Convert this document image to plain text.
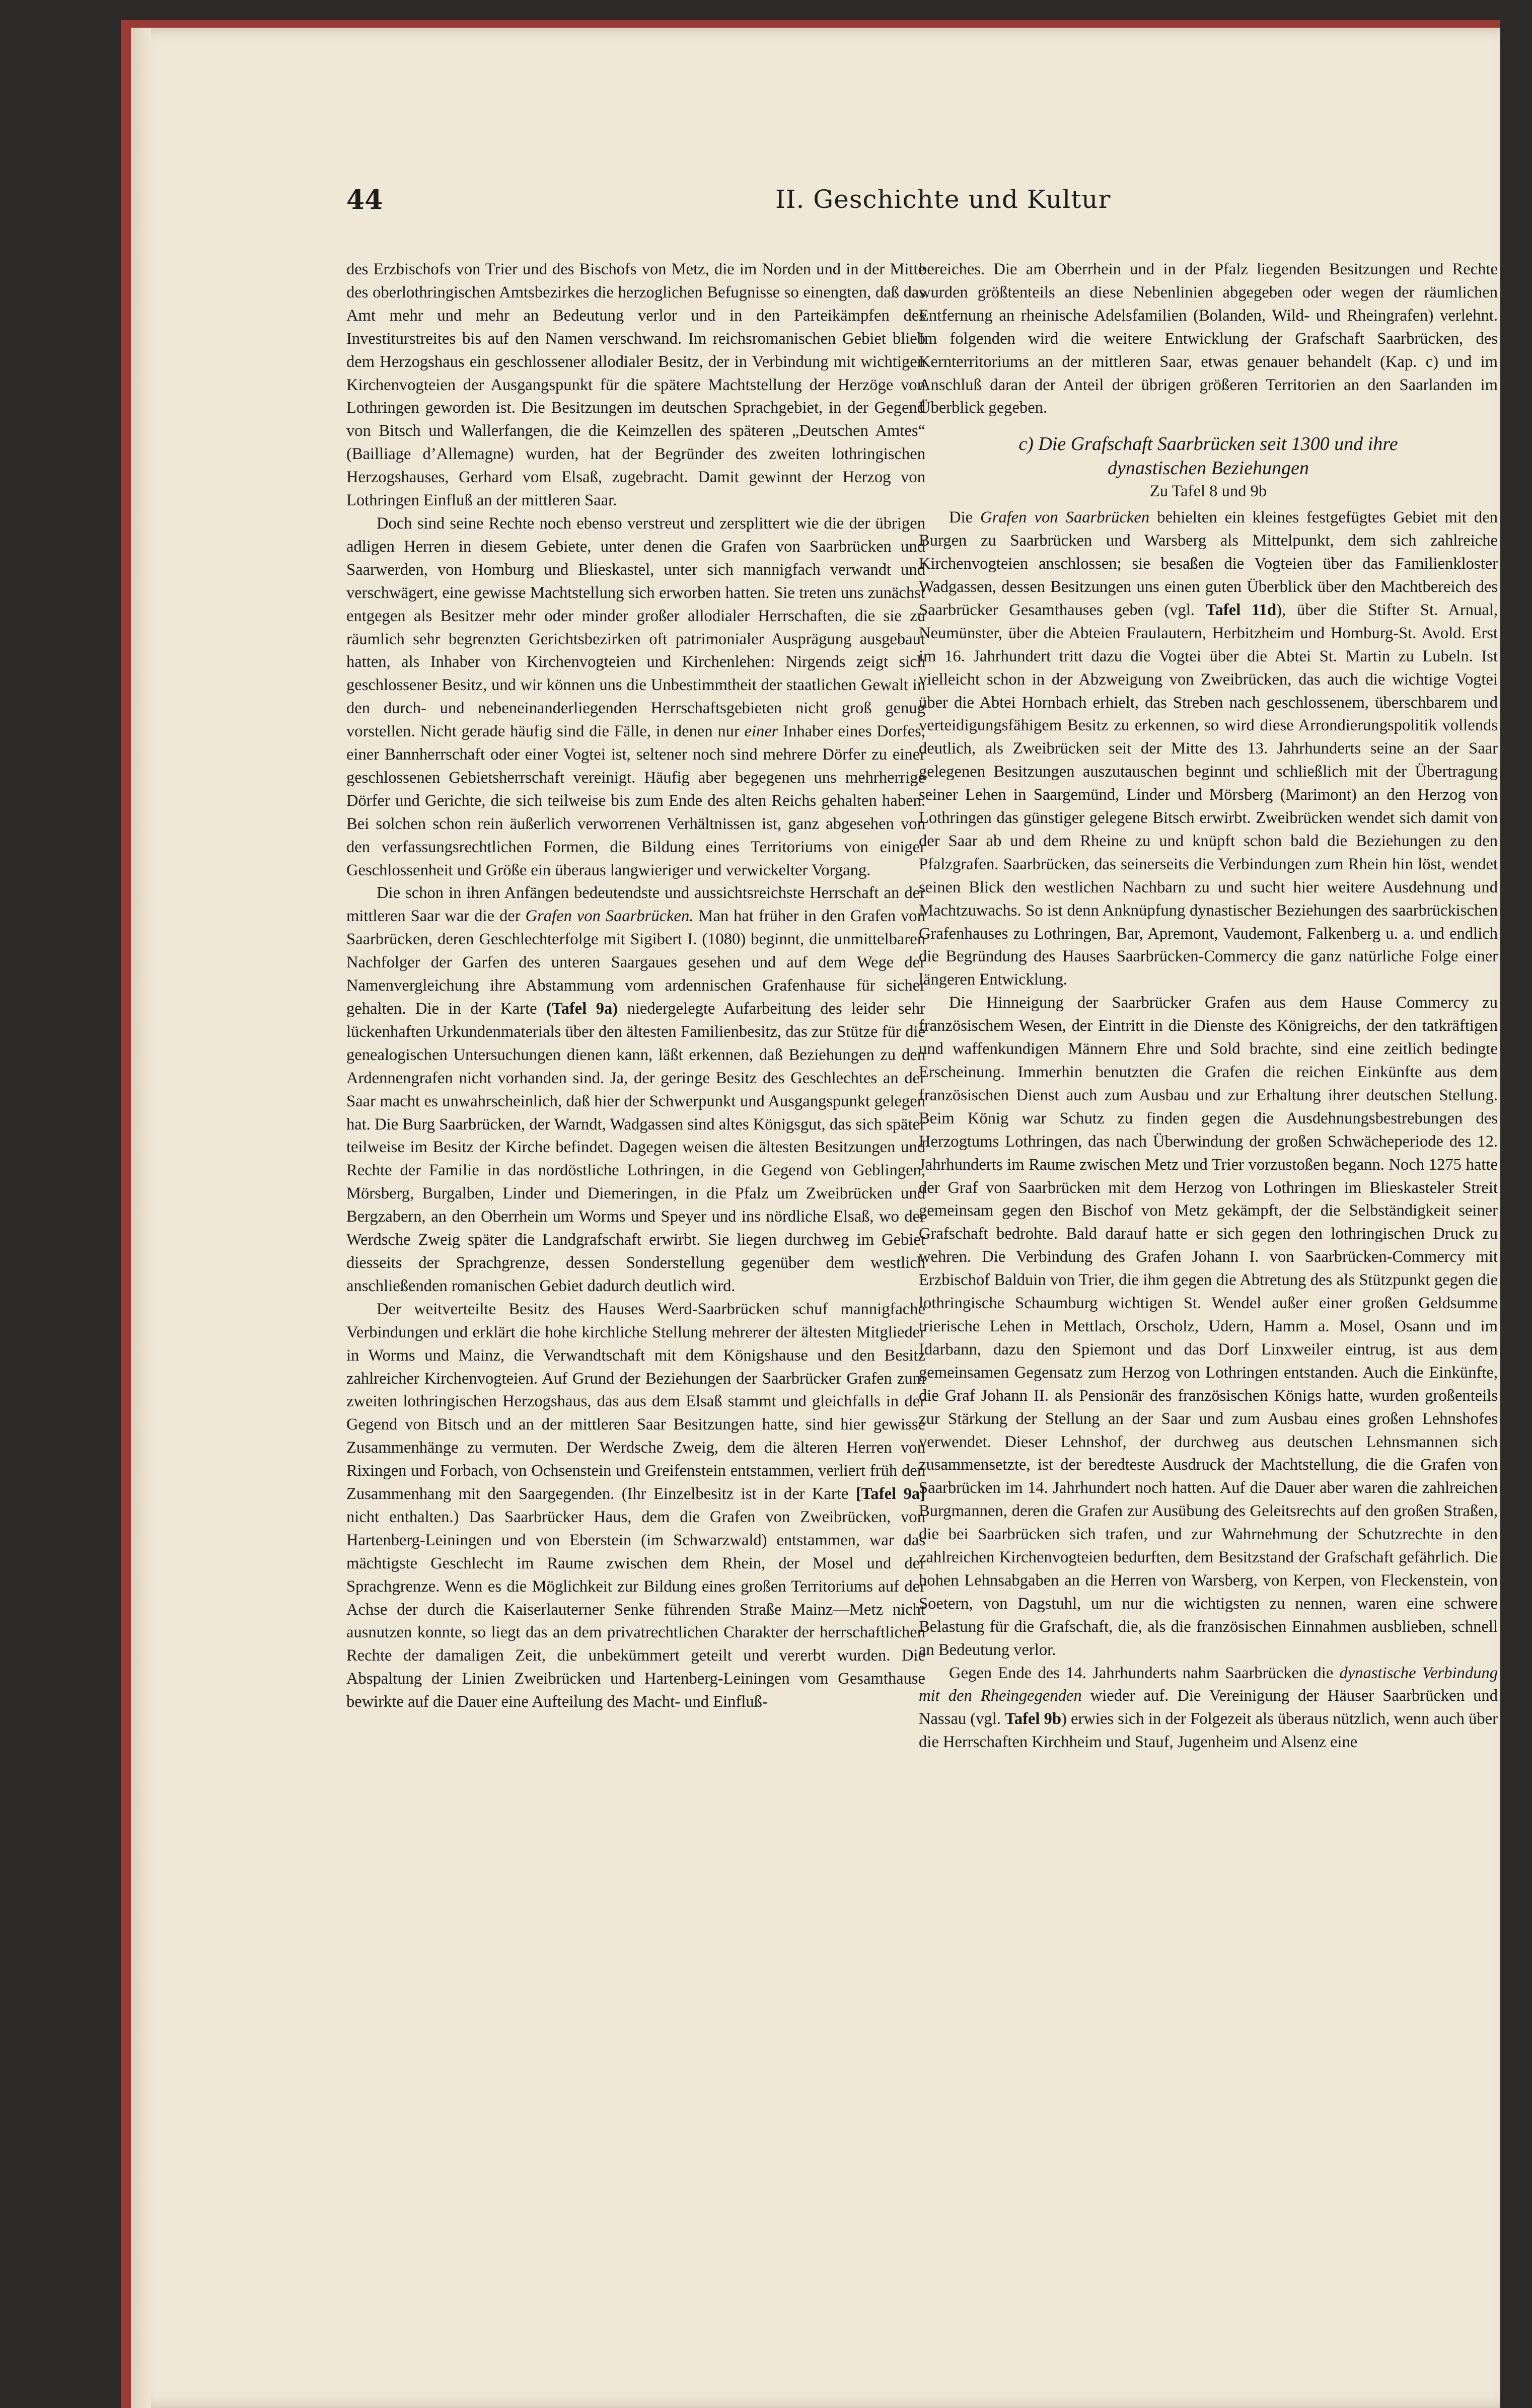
44	II. Geschichte und Kultur

des Erzbischofs von Trier und des Bischofs von Metz, die im Norden und in der Mitte des oberlothringischen Amtsbezirkes die herzoglichen Befugnisse so einengten, daß das Amt mehr und mehr an Bedeutung verlor und in den Parteikämpfen des Investiturstreites bis auf den Namen verschwand. Im reichsromanischen Gebiet blieb dem Herzogshaus ein geschlossener allodialer Besitz, der in Verbindung mit wichtigen Kirchenvogteien der Ausgangspunkt für die spätere Machtstellung der Herzöge von Lothringen geworden ist. Die Besitzungen im deutschen Sprachgebiet, in der Gegend von Bitsch und Wallerfangen, die die Keimzellen des späteren „Deutschen Amtes“ (Bailliage d’Allemagne) wurden, hat der Begründer des zweiten lothringischen Herzogshauses, Gerhard vom Elsaß, zugebracht. Damit gewinnt der Herzog von Lothringen Einfluß an der mittleren Saar.

Doch sind seine Rechte noch ebenso verstreut und zersplittert wie die der übrigen adligen Herren in diesem Gebiete, unter denen die Grafen von Saarbrücken und Saarwerden, von Homburg und Blieskastel, unter sich mannigfach verwandt und verschwägert, eine gewisse Machtstellung sich erworben hatten. Sie treten uns zunächst entgegen als Besitzer mehr oder minder großer allodialer Herrschaften, die sie zu räumlich sehr begrenzten Gerichtsbezirken oft patrimonialer Ausprägung ausgebaut hatten, als Inhaber von Kirchenvogteien und Kirchenlehen: Nirgends zeigt sich geschlossener Besitz, und wir können uns die Unbestimmtheit der staatlichen Gewalt in den durch- und nebeneinanderliegenden Herrschaftsgebieten nicht groß genug vorstellen. Nicht gerade häufig sind die Fälle, in denen nur einer Inhaber eines Dorfes, einer Bannherrschaft oder einer Vogtei ist, seltener noch sind mehrere Dörfer zu einer geschlossenen Gebietsherrschaft vereinigt. Häufig aber begegenen uns mehrherrige Dörfer und Gerichte, die sich teilweise bis zum Ende des alten Reichs gehalten haben. Bei solchen schon rein äußerlich verworrenen Verhältnissen ist, ganz abgesehen von den verfassungsrechtlichen Formen, die Bildung eines Territoriums von einiger Geschlossenheit und Größe ein überaus langwieriger und verwickelter Vorgang.

Die schon in ihren Anfängen bedeutendste und aussichtsreichste Herrschaft an der mittleren Saar war die der Grafen von Saarbrücken. Man hat früher in den Grafen von Saarbrücken, deren Geschlechterfolge mit Sigibert I. (1080) beginnt, die unmittelbaren Nachfolger der Garfen des unteren Saargaues gesehen und auf dem Wege der Namenvergleichung ihre Abstammung vom ardennischen Grafenhause für sicher gehalten. Die in der Karte (Tafel 9a) niedergelegte Aufarbeitung des leider sehr lückenhaften Urkundenmaterials über den ältesten Familienbesitz, das zur Stütze für die genealogischen Untersuchungen dienen kann, läßt erkennen, daß Beziehungen zu den Ardennengrafen nicht vorhanden sind. Ja, der geringe Besitz des Geschlechtes an der Saar macht es unwahrscheinlich, daß hier der Schwerpunkt und Ausgangspunkt gelegen hat. Die Burg Saarbrücken, der Warndt, Wadgassen sind altes Königsgut, das sich später teilweise im Besitz der Kirche befindet. Dagegen weisen die ältesten Besitzungen und Rechte der Familie in das nordöstliche Lothringen, in die Gegend von Geblingen, Mörsberg, Burgalben, Linder und Diemeringen, in die Pfalz um Zweibrücken und Bergzabern, an den Oberrhein um Worms und Speyer und ins nördliche Elsaß, wo der Werdsche Zweig später die Landgrafschaft erwirbt. Sie liegen durchweg im Gebiet diesseits der Sprachgrenze, dessen Sonderstellung gegenüber dem westlich anschließenden romanischen Gebiet dadurch deutlich wird.

Der weitverteilte Besitz des Hauses Werd-Saarbrücken schuf mannigfache Verbindungen und erklärt die hohe kirchliche Stellung mehrerer der ältesten Mitglieder in Worms und Mainz, die Verwandtschaft mit dem Königshause und den Besitz zahlreicher Kirchenvogteien. Auf Grund der Beziehungen der Saarbrücker Grafen zum zweiten lothringischen Herzogshaus, das aus dem Elsaß stammt und gleichfalls in der Gegend von Bitsch und an der mittleren Saar Besitzungen hatte, sind hier gewisse Zusammenhänge zu vermuten. Der Werdsche Zweig, dem die älteren Herren von Rixingen und Forbach, von Ochsenstein und Greifenstein entstammen, verliert früh den Zusammenhang mit den Saargegenden. (Ihr Einzelbesitz ist in der Karte [Tafel 9a] nicht enthalten.) Das Saarbrücker Haus, dem die Grafen von Zweibrücken, von Hartenberg-Leiningen und von Eberstein (im Schwarzwald) entstammen, war das mächtigste Geschlecht im Raume zwischen dem Rhein, der Mosel und der Sprachgrenze. Wenn es die Möglichkeit zur Bildung eines großen Territoriums auf der Achse der durch die Kaiserlauterner Senke führenden Straße Mainz—Metz nicht ausnutzen konnte, so liegt das an dem privatrechtlichen Charakter der herrschaftlichen Rechte der damaligen Zeit, die unbekümmert geteilt und vererbt wurden. Die Abspaltung der Linien Zweibrücken und Hartenberg-Leiningen vom Gesamthause bewirkte auf die Dauer eine Aufteilung des Macht- und Einfluß-

bereiches. Die am Oberrhein und in der Pfalz liegenden Besitzungen und Rechte wurden größtenteils an diese Nebenlinien abgegeben oder wegen der räumlichen Entfernung an rheinische Adelsfamilien (Bolanden, Wild- und Rheingrafen) verlehnt. Im folgenden wird die weitere Entwicklung der Grafschaft Saarbrücken, des Kernterritoriums an der mittleren Saar, etwas genauer behandelt (Kap. c) und im Anschluß daran der Anteil der übrigen größeren Territorien an den Saarlanden im Überblick gegeben.

c) Die Grafschaft Saarbrücken seit 1300 und ihre
dynastischen Beziehungen
Zu Tafel 8 und 9b

Die Grafen von Saarbrücken behielten ein kleines festgefügtes Gebiet mit den Burgen zu Saarbrücken und Warsberg als Mittelpunkt, dem sich zahlreiche Kirchenvogteien anschlossen; sie besaßen die Vogteien über das Familienkloster Wadgassen, dessen Besitzungen uns einen guten Überblick über den Machtbereich des Saarbrücker Gesamthauses geben (vgl. Tafel 11d), über die Stifter St. Arnual, Neumünster, über die Abteien Fraulautern, Herbitzheim und Homburg-St. Avold. Erst im 16. Jahrhundert tritt dazu die Vogtei über die Abtei St. Martin zu Lubeln. Ist vielleicht schon in der Abzweigung von Zweibrücken, das auch die wichtige Vogtei über die Abtei Hornbach erhielt, das Streben nach geschlossenem, überschbarem und verteidigungsfähigem Besitz zu erkennen, so wird diese Arrondierungspolitik vollends deutlich, als Zweibrücken seit der Mitte des 13. Jahrhunderts seine an der Saar gelegenen Besitzungen auszutauschen beginnt und schließlich mit der Übertragung seiner Lehen in Saargemünd, Linder und Mörsberg (Marimont) an den Herzog von Lothringen das günstiger gelegene Bitsch erwirbt. Zweibrücken wendet sich damit von der Saar ab und dem Rheine zu und knüpft schon bald die Beziehungen zu den Pfalzgrafen. Saarbrücken, das seinerseits die Verbindungen zum Rhein hin löst, wendet seinen Blick den westlichen Nachbarn zu und sucht hier weitere Ausdehnung und Machtzuwachs. So ist denn Anknüpfung dynastischer Beziehungen des saarbrückischen Grafenhauses zu Lothringen, Bar, Apremont, Vaudemont, Falkenberg u. a. und endlich die Begründung des Hauses Saarbrücken-Commercy die ganz natürliche Folge einer längeren Entwicklung.

Die Hinneigung der Saarbrücker Grafen aus dem Hause Commercy zu französischem Wesen, der Eintritt in die Dienste des Königreichs, der den tatkräftigen und waffenkundigen Männern Ehre und Sold brachte, sind eine zeitlich bedingte Erscheinung. Immerhin benutzten die Grafen die reichen Einkünfte aus dem französischen Dienst auch zum Ausbau und zur Erhaltung ihrer deutschen Stellung. Beim König war Schutz zu finden gegen die Ausdehnungsbestrebungen des Herzogtums Lothringen, das nach Überwindung der großen Schwächeperiode des 12. Jahrhunderts im Raume zwischen Metz und Trier vorzustoßen begann. Noch 1275 hatte der Graf von Saarbrücken mit dem Herzog von Lothringen im Blieskasteler Streit gemeinsam gegen den Bischof von Metz gekämpft, der die Selbständigkeit seiner Grafschaft bedrohte. Bald darauf hatte er sich gegen den lothringischen Druck zu wehren. Die Verbindung des Grafen Johann I. von Saarbrücken-Commercy mit Erzbischof Balduin von Trier, die ihm gegen die Abtretung des als Stützpunkt gegen die lothringische Schaumburg wichtigen St. Wendel außer einer großen Geldsumme trierische Lehen in Mettlach, Orscholz, Udern, Hamm a. Mosel, Osann und im Idarbann, dazu den Spiemont und das Dorf Linxweiler eintrug, ist aus dem gemeinsamen Gegensatz zum Herzog von Lothringen entstanden. Auch die Einkünfte, die Graf Johann II. als Pensionär des französischen Königs hatte, wurden großenteils zur Stärkung der Stellung an der Saar und zum Ausbau eines großen Lehnshofes verwendet. Dieser Lehnshof, der durchweg aus deutschen Lehnsmannen sich zusammensetzte, ist der beredteste Ausdruck der Machtstellung, die die Grafen von Saarbrücken im 14. Jahrhundert noch hatten. Auf die Dauer aber waren die zahlreichen Burgmannen, deren die Grafen zur Ausübung des Geleitsrechts auf den großen Straßen, die bei Saarbrücken sich trafen, und zur Wahrnehmung der Schutzrechte in den zahlreichen Kirchenvogteien bedurften, dem Besitzstand der Grafschaft gefährlich. Die hohen Lehnsabgaben an die Herren von Warsberg, von Kerpen, von Fleckenstein, von Soetern, von Dagstuhl, um nur die wichtigsten zu nennen, waren eine schwere Belastung für die Grafschaft, die, als die französischen Einnahmen ausblieben, schnell an Bedeutung verlor.

Gegen Ende des 14. Jahrhunderts nahm Saarbrücken die dynastische Verbindung mit den Rheingegenden wieder auf. Die Vereinigung der Häuser Saarbrücken und Nassau (vgl. Tafel 9b) erwies sich in der Folgezeit als überaus nützlich, wenn auch über die Herrschaften Kirchheim und Stauf, Jugenheim und Alsenz eine
